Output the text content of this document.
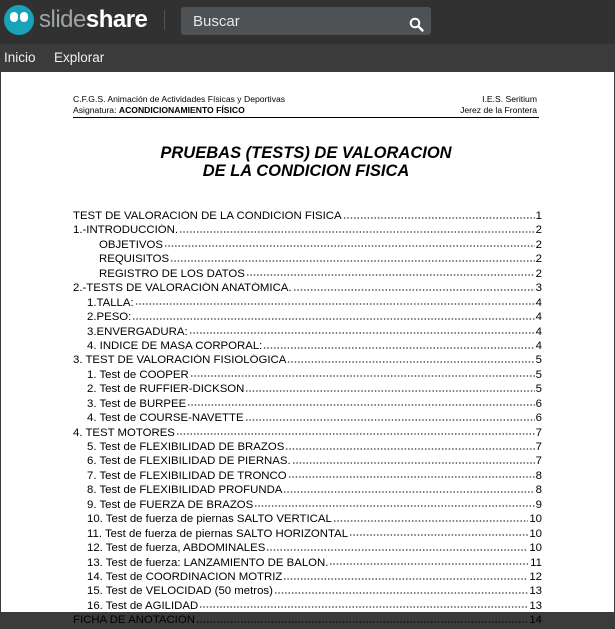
slideshare
Buscar
Inicio Explorar
C.F.G.S. Animación de Actividades Físicas y Deportivas
Asignatura: ACONDICIONAMIENTO FÍSICO
I.E.S. Seritium
Jerez de la Frontera
PRUEBAS (TESTS) DE VALORACION
DE LA CONDICION FISICA
TEST DE VALORACION DE LA CONDICION FISICA	1
1.-INTRODUCCIÓN.	2
OBJETIVOS	2
REQUISITOS	2
REGISTRO DE LOS DATOS	2
2.-TESTS DE VALORACIÓN ANATÓMICA.	3
1.TALLA:	4
2.PESO:	4
3.ENVERGADURA:	4
4. INDICE DE MASA CORPORAL:	4
3. TEST DE VALORACIÓN FISIOLÓGICA	5
1. Test de COOPER	5
2. Test de RUFFIER-DICKSON	5
3. Test de BURPEE	6
4. Test de COURSE-NAVETTE	6
4. TEST MOTORES	7
5. Test de FLEXIBILIDAD DE BRAZOS	7
6. Test de FLEXIBILIDAD DE PIERNAS.	7
7. Test de FLEXIBILIDAD DE TRONCO	8
8. Test de FLEXIBILIDAD PROFUNDA	8
9. Test de FUERZA DE BRAZOS	9
10. Test de fuerza de piernas SALTO VERTICAL	10
11. Test de fuerza de piernas SALTO HORIZONTAL	10
12. Test de fuerza, ABDOMINALES	10
13. Test de fuerza: LANZAMIENTO DE BALON.	11
14. Test de COORDINACION MOTRIZ	12
15. Test de VELOCIDAD (50 metros)	13
16. Test de AGILIDAD	13
FICHA DE ANOTACIÓN	14
